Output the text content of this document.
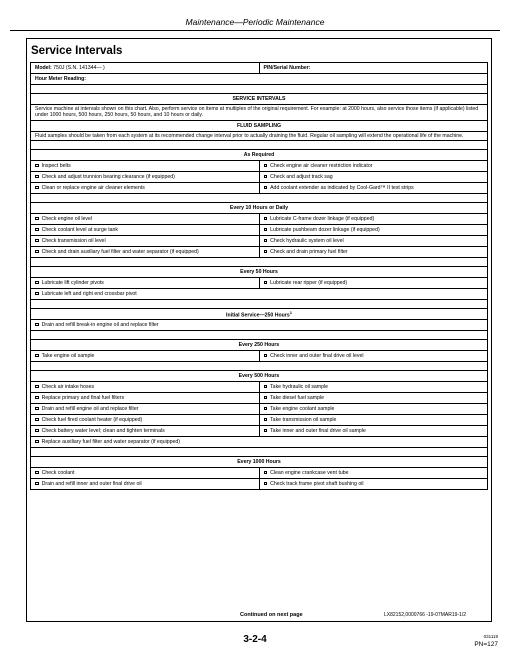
Maintenance—Periodic Maintenance
Service Intervals
Model: 750J (S.N. 141344— )	PIN/Serial Number:
Hour Meter Reading:	

SERVICE INTERVALS	
Service machine at intervals shown on this chart. Also, perform service on items at multiples of the original requirement. For example: at 2000 hours, also service those items (if applicable) listed under 1000 hours, 500 hours, 250 hours, 50 hours, and 10 hours or daily.	
FLUID SAMPLING	
Fluid samples should be taken from each system at its recommended change interval prior to actually draining the fluid. Regular oil sampling will extend the operational life of the machine.	

As Required	
Inspect belts	Check engine air cleaner restriction indicator
Check and adjust trunnion bearing clearance (if equipped)	Check and adjust track sag
Clean or replace engine air cleaner elements	Add coolant extender as indicated by Cool-Gard™ II test strips

Every 10 Hours or Daily	
Check engine oil level	Lubricate C-frame dozer linkage (if equipped)
Check coolant level at surge tank	Lubricate pushbeam dozer linkage (if equipped)
Check transmission oil level	Check hydraulic system oil level
Check and drain auxiliary fuel filter and water separator (if equipped)	Check and drain primary fuel filter

Every 50 Hours	
Lubricate lift cylinder pivots	Lubricate rear ripper (if equipped)
Lubricate left and right end crossbar pivot	

Initial Service—250 Hours$^1$
Drain and refill break-in engine oil and replace filter	

Every 250 Hours	
Take engine oil sample	Check inner and outer final drive oil level

Every 500 Hours	
Check air intake hoses	Take hydraulic oil sample
Replace primary and final fuel filters	Take diesel fuel sample
Drain and refill engine oil and replace filter	Take engine coolant sample
Check fuel fired coolant heater (if equipped)	Take transmission oil sample
Check battery water level; clean and tighten terminals	Take inner and outer final drive oil sample
Replace auxiliary fuel filter and water separator (if equipped)	

Every 1000 Hours	
Check coolant	Clean engine crankcase vent tube
Drain and refill inner and outer final drive oil	Check track frame pivot shaft bushing oil
Continued on next page	LX82152,0000766 -19-07MAR19-1/2
3-2-4	031119
PN=127
